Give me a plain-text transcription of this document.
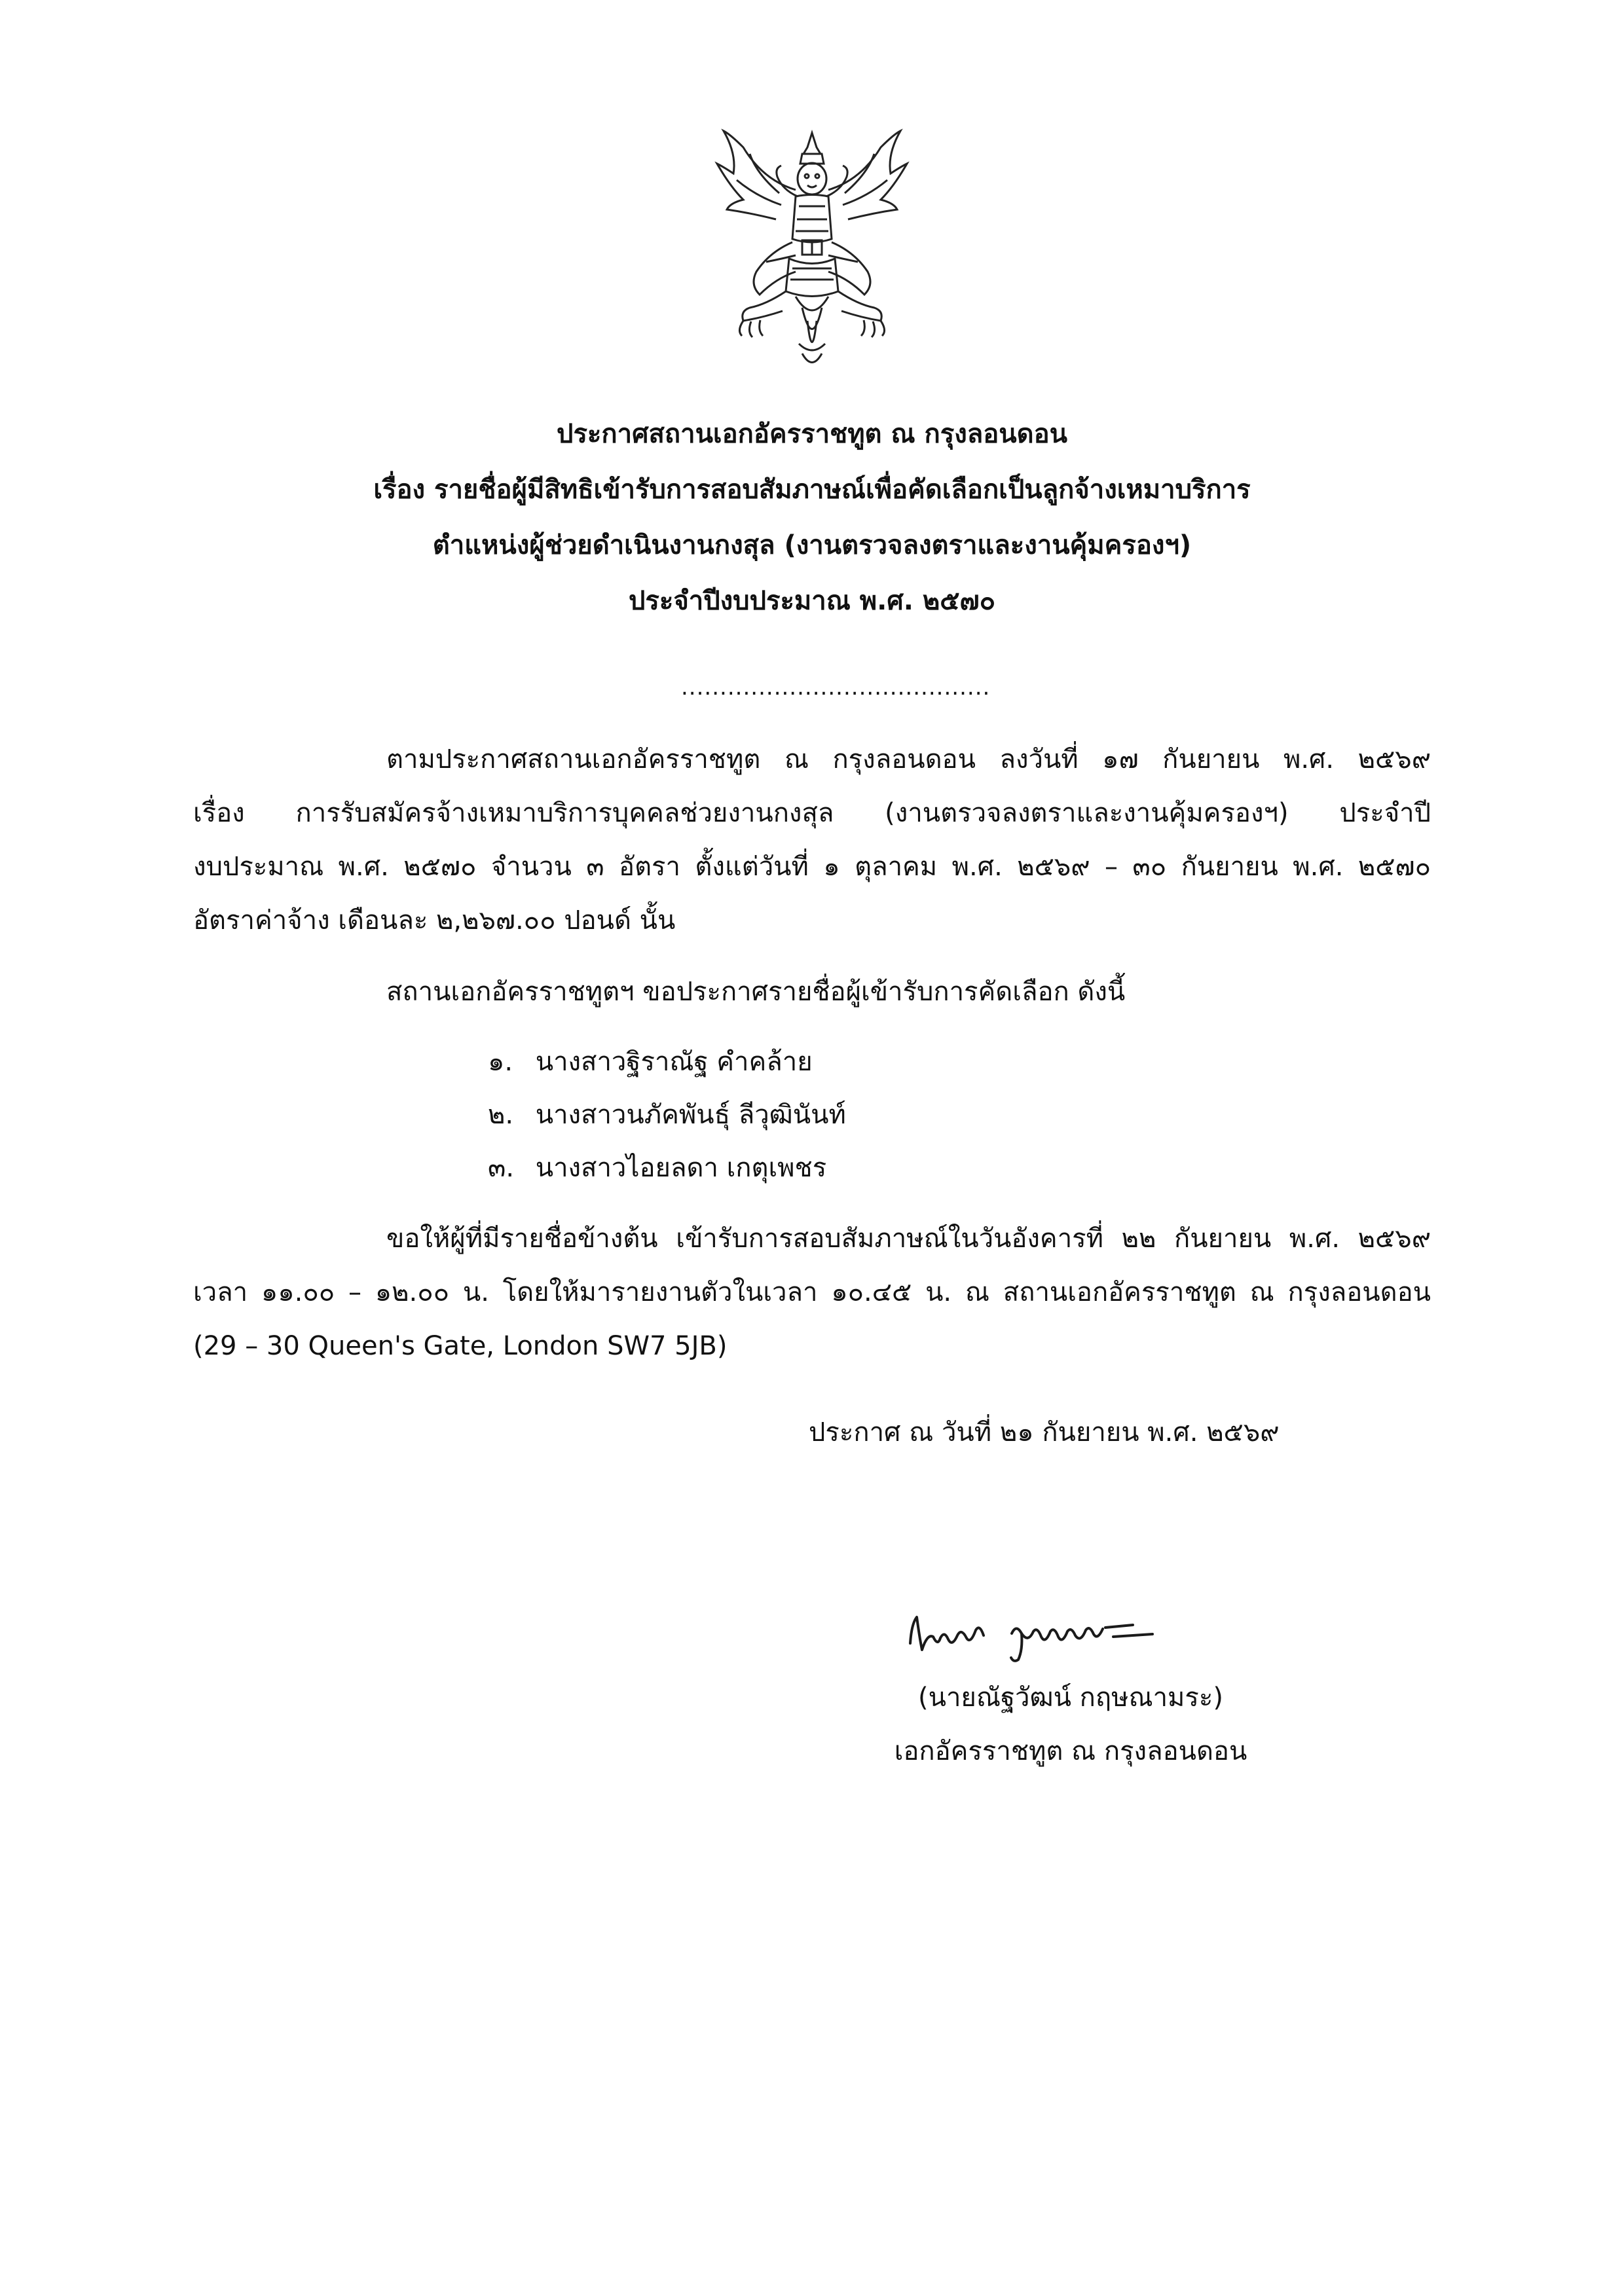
ประกาศสถานเอกอัครราชทูต ณ กรุงลอนดอน
เรื่อง รายชื่อผู้มีสิทธิเข้ารับการสอบสัมภาษณ์เพื่อคัดเลือกเป็นลูกจ้างเหมาบริการ
ตำแหน่งผู้ช่วยดำเนินงานกงสุล (งานตรวจลงตราและงานคุ้มครองฯ)
ประจำปีงบประมาณ พ.ศ. ๒๕๗๐
........................................
ตามประกาศสถานเอกอัครราชทูต ณ กรุงลอนดอน ลงวันที่ ๑๗ กันยายน พ.ศ. ๒๕๖๙
เรื่อง การรับสมัครจ้างเหมาบริการบุคคลช่วยงานกงสุล (งานตรวจลงตราและงานคุ้มครองฯ) ประจำปี
งบประมาณ พ.ศ. ๒๕๗๐ จำนวน ๓ อัตรา ตั้งแต่วันที่ ๑ ตุลาคม พ.ศ. ๒๕๖๙ – ๓๐ กันยายน พ.ศ. ๒๕๗๐
อัตราค่าจ้าง เดือนละ ๒,๒๖๗.๐๐ ปอนด์ นั้น
สถานเอกอัครราชทูตฯ ขอประกาศรายชื่อผู้เข้ารับการคัดเลือก ดังนี้
๑. นางสาวฐิราณัฐ คำคล้าย
๒. นางสาวนภัคพันธุ์ ลีวุฒินันท์
๓. นางสาวไอยลดา เกตุเพชร
ขอให้ผู้ที่มีรายชื่อข้างต้น เข้ารับการสอบสัมภาษณ์ในวันอังคารที่ ๒๒ กันยายน พ.ศ. ๒๕๖๙
เวลา ๑๑.๐๐ – ๑๒.๐๐ น. โดยให้มารายงานตัวในเวลา ๑๐.๔๕ น. ณ สถานเอกอัครราชทูต ณ กรุงลอนดอน
(29 – 30 Queen's Gate, London SW7 5JB)
ประกาศ ณ วันที่ ๒๑ กันยายน พ.ศ. ๒๕๖๙
(นายณัฐวัฒน์ กฤษณามระ)
เอกอัครราชทูต ณ กรุงลอนดอน
